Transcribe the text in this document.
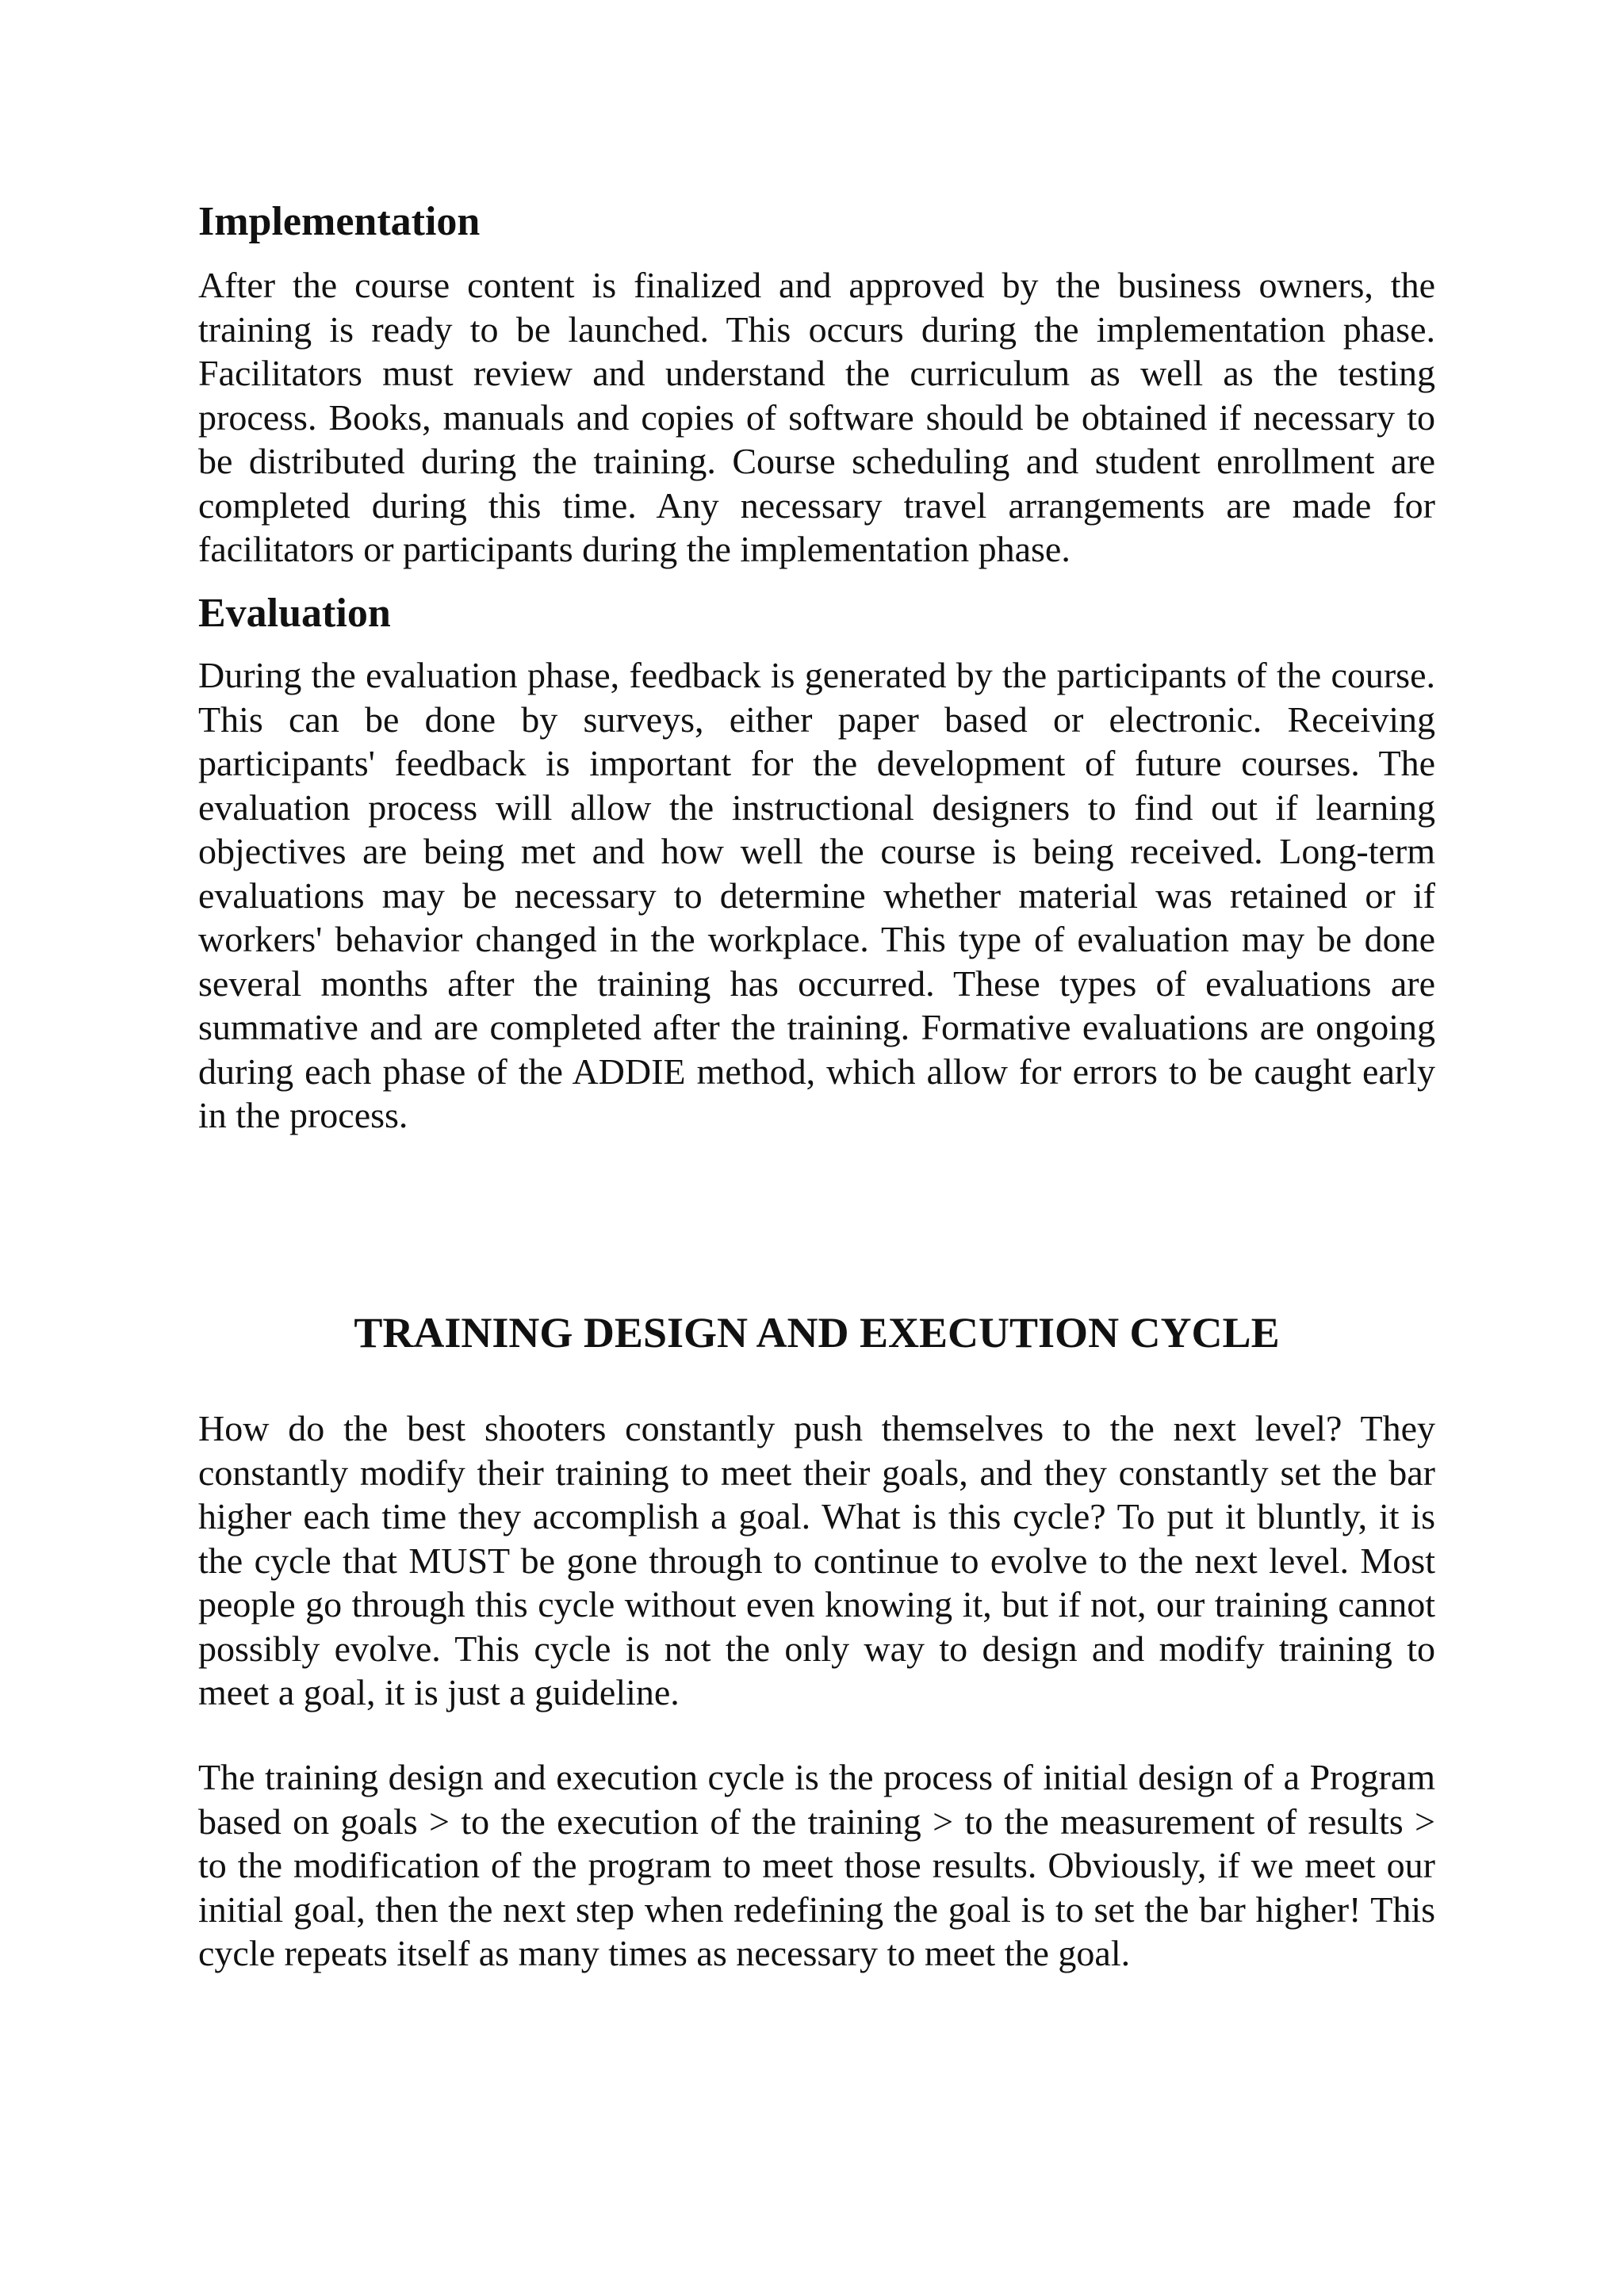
Implementation

After the course content is finalized and approved by the business owners, the training is ready to be launched. This occurs during the implementation phase. Facilitators must review and understand the curriculum as well as the testing process. Books, manuals and copies of software should be obtained if necessary to be distributed during the training. Course scheduling and student enrollment are completed during this time. Any necessary travel arrangements are made for facilitators or participants during the implementation phase.

Evaluation

During the evaluation phase, feedback is generated by the participants of the course. This can be done by surveys, either paper based or electronic. Receiving participants' feedback is important for the development of future courses. The evaluation process will allow the instructional designers to find out if learning objectives are being met and how well the course is being received. Long-term evaluations may be necessary to determine whether material was retained or if workers' behavior changed in the workplace. This type of evaluation may be done several months after the training has occurred. These types of evaluations are summative and are completed after the training. Formative evaluations are ongoing during each phase of the ADDIE method, which allow for errors to be caught early in the process.

TRAINING DESIGN AND EXECUTION CYCLE

How do the best shooters constantly push themselves to the next level? They constantly modify their training to meet their goals, and they constantly set the bar higher each time they accomplish a goal. What is this cycle? To put it bluntly, it is the cycle that MUST be gone through to continue to evolve to the next level. Most people go through this cycle without even knowing it, but if not, our training cannot possibly evolve. This cycle is not the only way to design and modify training to meet a goal, it is just a guideline.

The training design and execution cycle is the process of initial design of a Program based on goals > to the execution of the training > to the measurement of results > to the modification of the program to meet those results. Obviously, if we meet our initial goal, then the next step when redefining the goal is to set the bar higher! This cycle repeats itself as many times as necessary to meet the goal.
